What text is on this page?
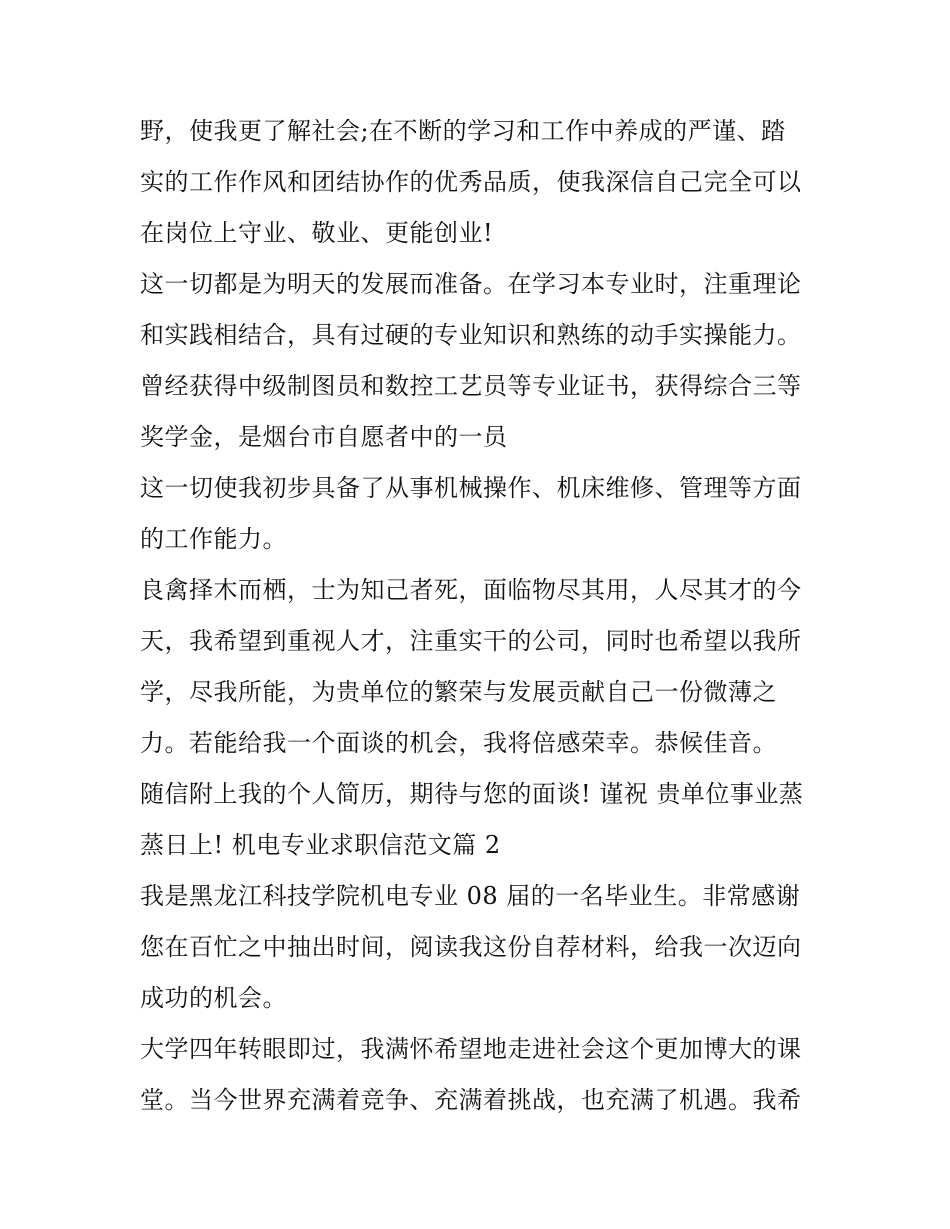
野，使我更了解社会;在不断的学习和工作中养成的严谨、踏
实的工作作风和团结协作的优秀品质，使我深信自己完全可以
在岗位上守业、敬业、更能创业!
这一切都是为明天的发展而准备。在学习本专业时，注重理论
和实践相结合，具有过硬的专业知识和熟练的动手实操能力。
曾经获得中级制图员和数控工艺员等专业证书，获得综合三等
奖学金，是烟台市自愿者中的一员
这一切使我初步具备了从事机械操作、机床维修、管理等方面
的工作能力。
良禽择木而栖，士为知己者死，面临物尽其用，人尽其才的今
天，我希望到重视人才，注重实干的公司，同时也希望以我所
学，尽我所能，为贵单位的繁荣与发展贡献自己一份微薄之
力。若能给我一个面谈的机会，我将倍感荣幸。恭候佳音。
随信附上我的个人简历，期待与您的面谈! 谨祝 贵单位事业蒸
蒸日上! 机电专业求职信范文篇 2
我是黑龙江科技学院机电专业 08 届的一名毕业生。非常感谢
您在百忙之中抽出时间，阅读我这份自荐材料，给我一次迈向
成功的机会。
大学四年转眼即过，我满怀希望地走进社会这个更加博大的课
堂。当今世界充满着竞争、充满着挑战，也充满了机遇。我希
